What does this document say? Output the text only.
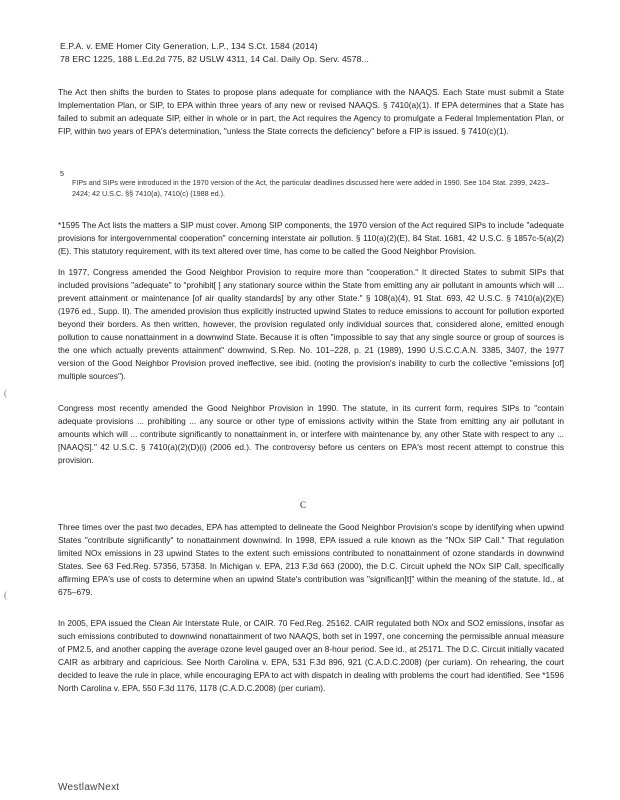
E.P.A. v. EME Homer City Generation, L.P., 134 S.Ct. 1584 (2014)
78 ERC 1225, 188 L.Ed.2d 775, 82 USLW 4311, 14 Cal. Daily Op. Serv. 4578...

The Act then shifts the burden to States to propose plans adequate for compliance with the NAAQS. Each State must submit a State Implementation Plan, or SIP, to EPA within three years of any new or revised NAAQS. § 7410(a)(1). If EPA determines that a State has failed to submit an adequate SIP, either in whole or in part, the Act requires the Agency to promulgate a Federal Implementation Plan, or FIP, within two years of EPA's determination, "unless the State corrects the deficiency" before a FIP is issued. § 7410(c)(1).

5

FIPs and SIPs were introduced in the 1970 version of the Act, the particular deadlines discussed here were added in 1990. See 104 Stat. 2399, 2423–2424; 42 U.S.C. §§ 7410(a), 7410(c) (1988 ed.).

*1595 The Act lists the matters a SIP must cover. Among SIP components, the 1970 version of the Act required SIPs to include "adequate provisions for intergovernmental cooperation" concerning interstate air pollution. § 110(a)(2)(E), 84 Stat. 1681, 42 U.S.C. § 1857c-5(a)(2)(E). This statutory requirement, with its text altered over time, has come to be called the Good Neighbor Provision.

In 1977, Congress amended the Good Neighbor Provision to require more than "cooperation." It directed States to submit SIPs that included provisions "adequate" to "prohibit[ ] any stationary source within the State from emitting any air pollutant in amounts which will ... prevent attainment or maintenance [of air quality standards] by any other State." § 108(a)(4), 91 Stat. 693, 42 U.S.C. § 7410(a)(2)(E) (1976 ed., Supp. II). The amended provision thus explicitly instructed upwind States to reduce emissions to account for pollution exported beyond their borders. As then written, however, the provision regulated only individual sources that, considered alone, emitted enough pollution to cause nonattainment in a downwind State. Because it is often "impossible to say that any single source or group of sources is the one which actually prevents attainment" downwind, S.Rep. No. 101–228, p. 21 (1989), 1990 U.S.C.C.A.N. 3385, 3407, the 1977 version of the Good Neighbor Provision proved ineffective, see ibid. (noting the provision's inability to curb the collective "emissions [of] multiple sources").

(

Congress most recently amended the Good Neighbor Provision in 1990. The statute, in its current form, requires SIPs to "contain adequate provisions ... prohibiting ... any source or other type of emissions activity within the State from emitting any air pollutant in amounts which will ... contribute significantly to nonattainment in, or interfere with maintenance by, any other State with respect to any ... [NAAQS]." 42 U.S.C. § 7410(a)(2)(D)(i) (2006 ed.). The controversy before us centers on EPA's most recent attempt to construe this provision.

C

Three times over the past two decades, EPA has attempted to delineate the Good Neighbor Provision's scope by identifying when upwind States "contribute significantly" to nonattainment downwind. In 1998, EPA issued a rule known as the "NOx SIP Call." That regulation limited NOx emissions in 23 upwind States to the extent such emissions contributed to nonattainment of ozone standards in downwind States. See 63 Fed.Reg. 57356, 57358. In Michigan v. EPA, 213 F.3d 663 (2000), the D.C. Circuit upheld the NOx SIP Call, specifically affirming EPA's use of costs to determine when an upwind State's contribution was "significan[t]" within the meaning of the statute. Id., at 675–679.

(

In 2005, EPA issued the Clean Air Interstate Rule, or CAIR. 70 Fed.Reg. 25162. CAIR regulated both NOx and SO2 emissions, insofar as such emissions contributed to downwind nonattainment of two NAAQS, both set in 1997, one concerning the permissible annual measure of PM2.5, and another capping the average ozone level gauged over an 8-hour period. See id., at 25171. The D.C. Circuit initially vacated CAIR as arbitrary and capricious. See North Carolina v. EPA, 531 F.3d 896, 921 (C.A.D.C.2008) (per curiam). On rehearing, the court decided to leave the rule in place, while encouraging EPA to act with dispatch in dealing with problems the court had identified. See *1596 North Carolina v. EPA, 550 F.3d 1176, 1178 (C.A.D.C.2008) (per curiam).

WestlawNext
